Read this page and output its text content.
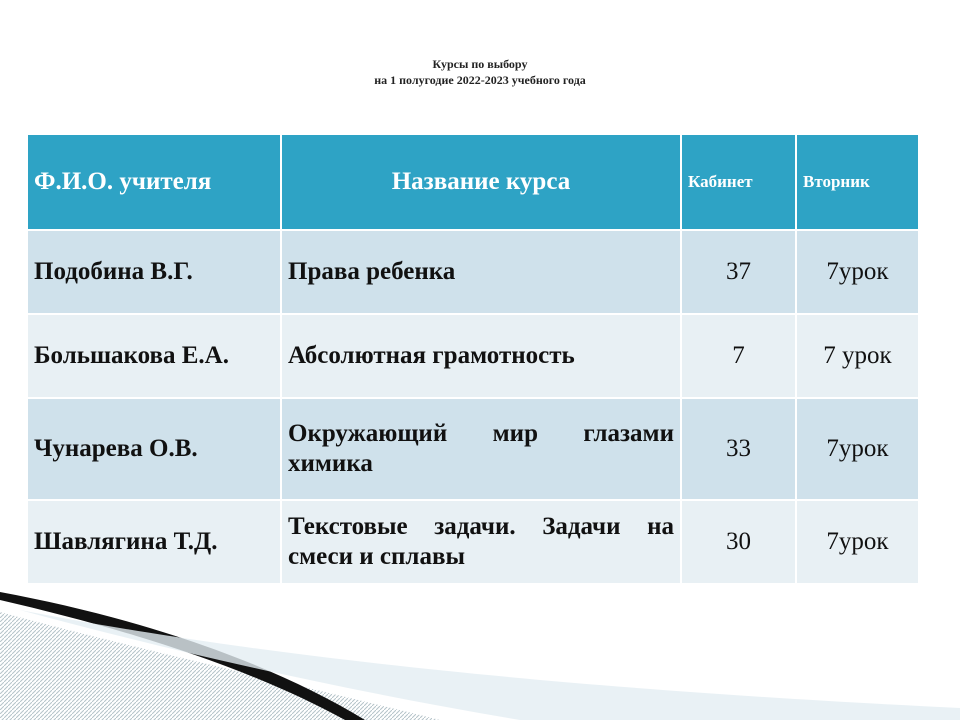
Курсы по выбору
на 1 полугодие 2022-2023 учебного года
Ф.И.О. учителя	Название курса	Кабинет	Вторник
Подобина В.Г.	Права ребенка	37	7урок
Большакова Е.А.	Абсолютная грамотность	7	7 урок
Чунарева О.В.	Окружающий мир глазами химика	33	7урок
Шавлягина Т.Д.	Текстовые задачи. Задачи на смеси и сплавы	30	7урок
